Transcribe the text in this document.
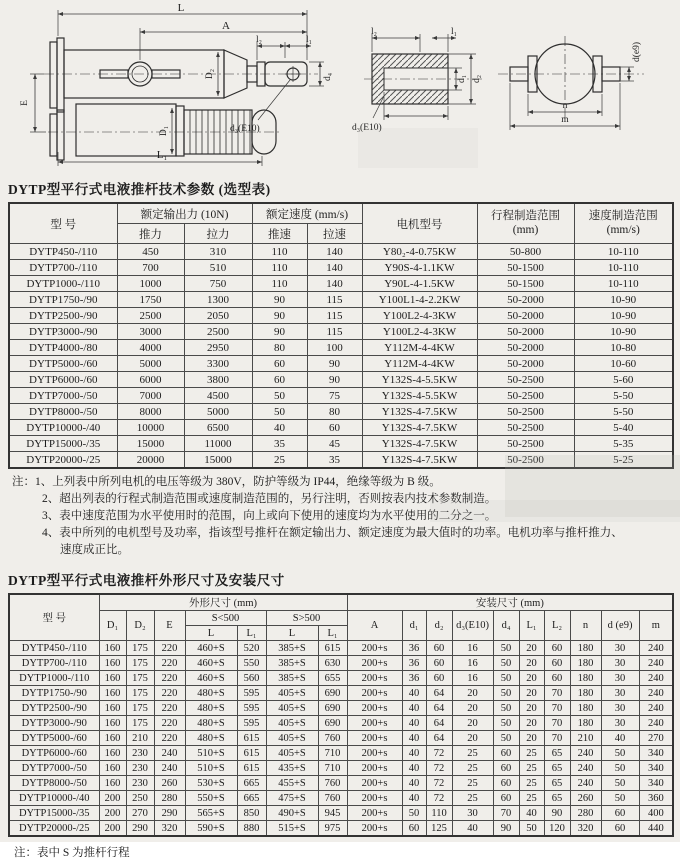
L
A
l₂	l₁
d₄
d₃(E10)
E
D₂
D₁
L₁
l₂	l₁
d₁ d₂
d₃(E10)
d(e9)
n
m
DYTP型平行式电液推杆技术参数 (选型表)
型 号	额定输出力 (10N)		额定速度 (mm/s)		电机型号	行程制造范围
(mm)	速度制造范围
(mm/s)

	推力	拉力	推速	拉速			
DYTP450-/110	450	310	110	140	Y80₂-4-0.75KW	50-800	10-110
DYTP700-/110	700	510	110	140	Y90S-4-1.1KW	50-1500	10-110
DYTP1000-/110	1000	750	110	140	Y90L-4-1.5KW	50-1500	10-110
DYTP1750-/90	1750	1300	90	115	Y100L1-4-2.2KW	50-2000	10-90
DYTP2500-/90	2500	2050	90	115	Y100L2-4-3KW	50-2000	10-90
DYTP3000-/90	3000	2500	90	115	Y100L2-4-3KW	50-2000	10-90
DYTP4000-/80	4000	2950	80	100	Y112M-4-4KW	50-2000	10-80
DYTP5000-/60	5000	3300	60	90	Y112M-4-4KW	50-2000	10-60
DYTP6000-/60	6000	3800	60	90	Y132S-4-5.5KW	50-2500	5-60
DYTP7000-/50	7000	4500	50	75	Y132S-4-5.5KW	50-2500	5-50
DYTP8000-/50	8000	5000	50	80	Y132S-4-7.5KW	50-2500	5-50
DYTP10000-/40	10000	6500	40	60	Y132S-4-7.5KW	50-2500	5-40
DYTP15000-/35	15000	11000	35	45	Y132S-4-7.5KW	50-2500	5-35
DYTP20000-/25	20000	15000	25	35	Y132S-4-7.5KW	50-2500	5-25
注：1、上列表中所列电机的电压等级为 380V，防护等级为 IP44，绝缘等级为 B 级。
2、超出列表的行程式制造范围或速度制造范围的，另行注明，否则按表内技术参数制造。
3、表中速度范围为水平使用时的范围，向上或向下使用的速度均为水平使用的二分之一。
4、表中所列的电机型号及功率，指该型号推杆在额定输出力、额定速度为最大值时的功率。电机功率与推杆推力、
速度成正比。
DYTP型平行式电液推杆外形尺寸及安装尺寸
型 号	外形尺寸 (mm)							安装尺寸 (mm)									
	D₁	D₂	E	S<500		S>500		A	d₁	d₂	d₃(E10)	d₄	L₁	L₂	n	d (e9)	m
				L	L₁	L	L₁										
DYTP450-/110	160	175	220	460+S	520	385+S	615	200+s	36	60	16	50	20	60	180	30	240
DYTP700-/110	160	175	220	460+S	550	385+S	630	200+s	36	60	16	50	20	60	180	30	240
DYTP1000-/110	160	175	220	460+S	560	385+S	655	200+s	36	60	16	50	20	60	180	30	240
DYTP1750-/90	160	175	220	480+S	595	405+S	690	200+s	40	64	20	50	20	70	180	30	240
DYTP2500-/90	160	175	220	480+S	595	405+S	690	200+s	40	64	20	50	20	70	180	30	240
DYTP3000-/90	160	175	220	480+S	595	405+S	690	200+s	40	64	20	50	20	70	180	30	240
DYTP5000-/60	160	210	220	480+S	615	405+S	760	200+s	40	64	20	50	20	70	210	40	270
DYTP6000-/60	160	230	240	510+S	615	405+S	710	200+s	40	72	25	60	25	65	240	50	340
DYTP7000-/50	160	230	240	510+S	615	435+S	710	200+s	40	72	25	60	25	65	240	50	340
DYTP8000-/50	160	230	260	530+S	665	455+S	760	200+s	40	72	25	60	25	65	240	50	340
DYTP10000-/40	200	250	280	550+S	665	475+S	760	200+s	40	72	25	60	25	65	260	50	360
DYTP15000-/35	200	270	290	565+S	850	490+S	945	200+s	50	110	30	70	40	90	280	60	400
DYTP20000-/25	200	290	320	590+S	880	515+S	975	200+s	60	125	40	90	50	120	320	60	440
注：表中 S 为推杆行程
